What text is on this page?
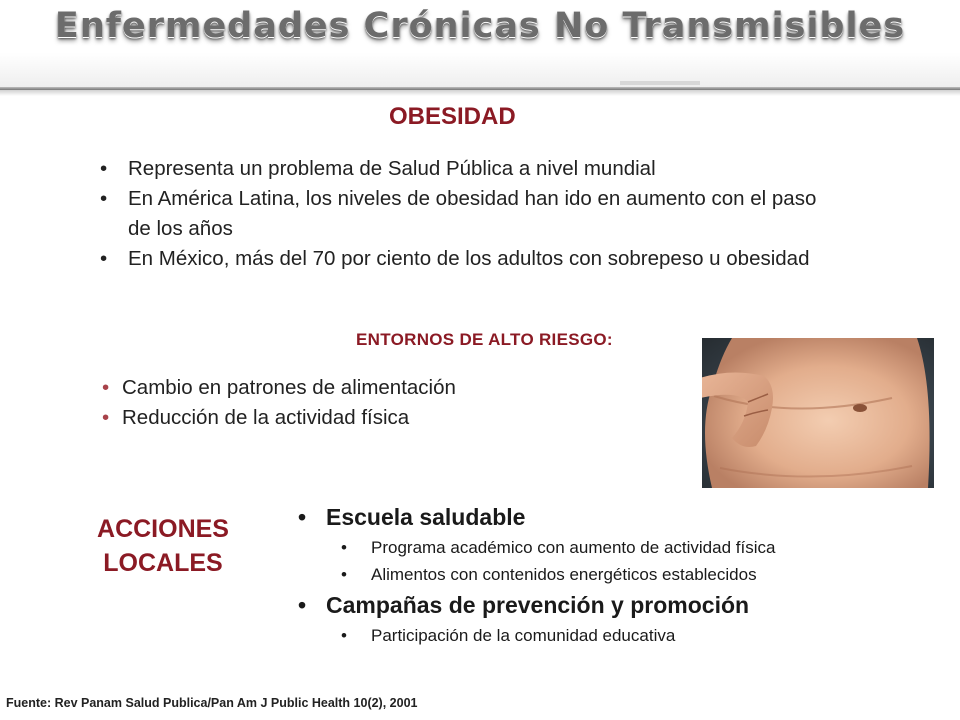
Enfermedades Crónicas No Transmisibles
OBESIDAD
• Representa un problema de Salud Pública a nivel mundial
• En América Latina, los niveles de obesidad han ido en aumento con el paso de los años
• En México, más del 70 por ciento de los adultos con sobrepeso u obesidad
ENTORNOS DE ALTO RIESGO:
• Cambio en patrones de alimentación
• Reducción de la actividad física
ACCIONES
LOCALES
• Escuela saludable
• Programa académico con aumento de actividad física
• Alimentos con contenidos energéticos establecidos
• Campañas de prevención y promoción
• Participación de la comunidad educativa
Fuente: Rev Panam Salud Publica/Pan Am J Public Health 10(2), 2001
